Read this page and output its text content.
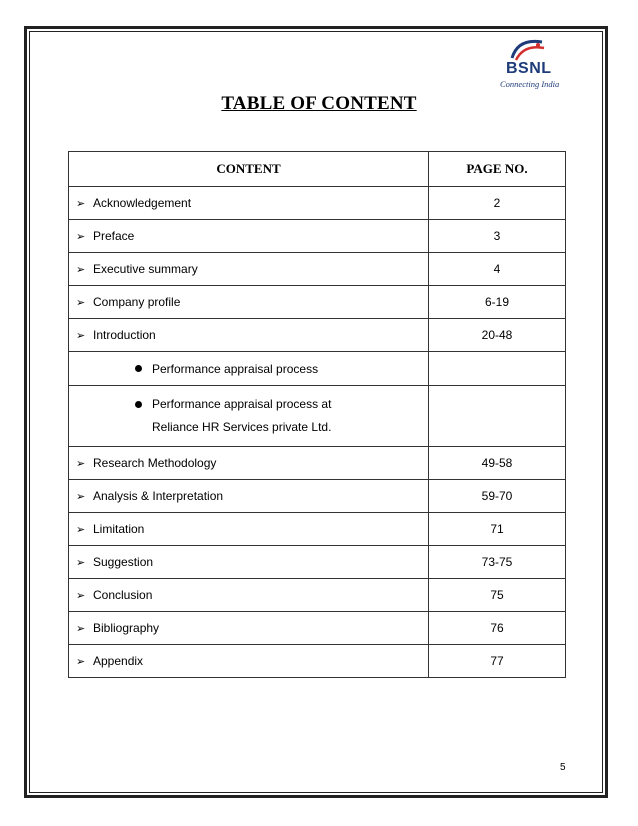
BSNL
Connecting India
TABLE OF CONTENT
CONTENT	PAGE NO.
➢ Acknowledgement	2
➢ Preface	3
➢ Executive summary	4
➢ Company profile	6-19
➢ Introduction	20-48
Performance appraisal process	
Performance appraisal process at
Reliance HR Services private Ltd.	
➢ Research Methodology	49-58
➢ Analysis & Interpretation	59-70
➢ Limitation	71
➢ Suggestion	73-75
➢ Conclusion	75
➢ Bibliography	76
➢ Appendix	77
5
